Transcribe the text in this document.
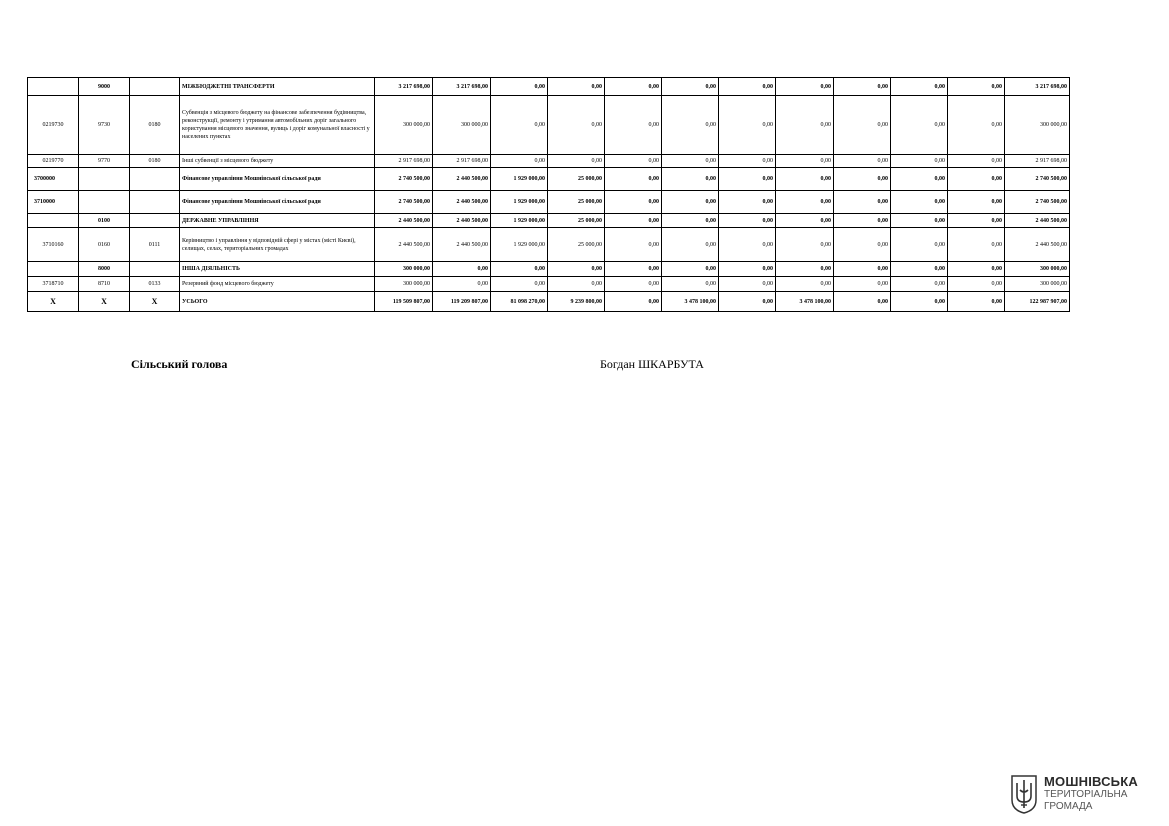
	9000		МІЖБЮДЖЕТНІ ТРАНСФЕРТИ	3 217 698,00	3 217 698,00	0,00	0,00	0,00	0,00	0,00	0,00	0,00	0,00	0,00	3 217 698,00
0219730	9730	0180	Субвенція з місцевого бюджету на фінансове забезпечення будівництва, реконструкції, ремонту і утримання автомобільних доріг загального користування місцевого значення, вулиць і доріг комунальної власності у населених пунктах	300 000,00	300 000,00	0,00	0,00	0,00	0,00	0,00	0,00	0,00	0,00	0,00	300 000,00
0219770	9770	0180	Інші субвенції з місцевого бюджету	2 917 698,00	2 917 698,00	0,00	0,00	0,00	0,00	0,00	0,00	0,00	0,00	0,00	2 917 698,00
3700000			Фінансове управління Мошнівської сільської ради	2 740 500,00	2 440 500,00	1 929 000,00	25 000,00	0,00	0,00	0,00	0,00	0,00	0,00	0,00	2 740 500,00
3710000			Фінансове управління Мошнівської сільської ради	2 740 500,00	2 440 500,00	1 929 000,00	25 000,00	0,00	0,00	0,00	0,00	0,00	0,00	0,00	2 740 500,00
	0100		ДЕРЖАВНЕ УПРАВЛІННЯ	2 440 500,00	2 440 500,00	1 929 000,00	25 000,00	0,00	0,00	0,00	0,00	0,00	0,00	0,00	2 440 500,00
3710160	0160	0111	Керівництво і управління у відповідній сфері у містах (місті Києві), селищах, селах, територіальних громадах	2 440 500,00	2 440 500,00	1 929 000,00	25 000,00	0,00	0,00	0,00	0,00	0,00	0,00	0,00	2 440 500,00
	8000		ІНША ДІЯЛЬНІСТЬ	300 000,00	0,00	0,00	0,00	0,00	0,00	0,00	0,00	0,00	0,00	0,00	300 000,00
3718710	8710	0133	Резервний фонд місцевого бюджету	300 000,00	0,00	0,00	0,00	0,00	0,00	0,00	0,00	0,00	0,00	0,00	300 000,00
X	X	X	УСЬОГО	119 509 807,00	119 209 807,00	81 098 270,00	9 239 800,00	0,00	3 478 100,00	0,00	3 478 100,00	0,00	0,00	0,00	122 987 907,00
Сільський голова	Богдан ШКАРБУТА
МОШНІВСЬКА
ТЕРИТОРІАЛЬНА
ГРОМАДА
